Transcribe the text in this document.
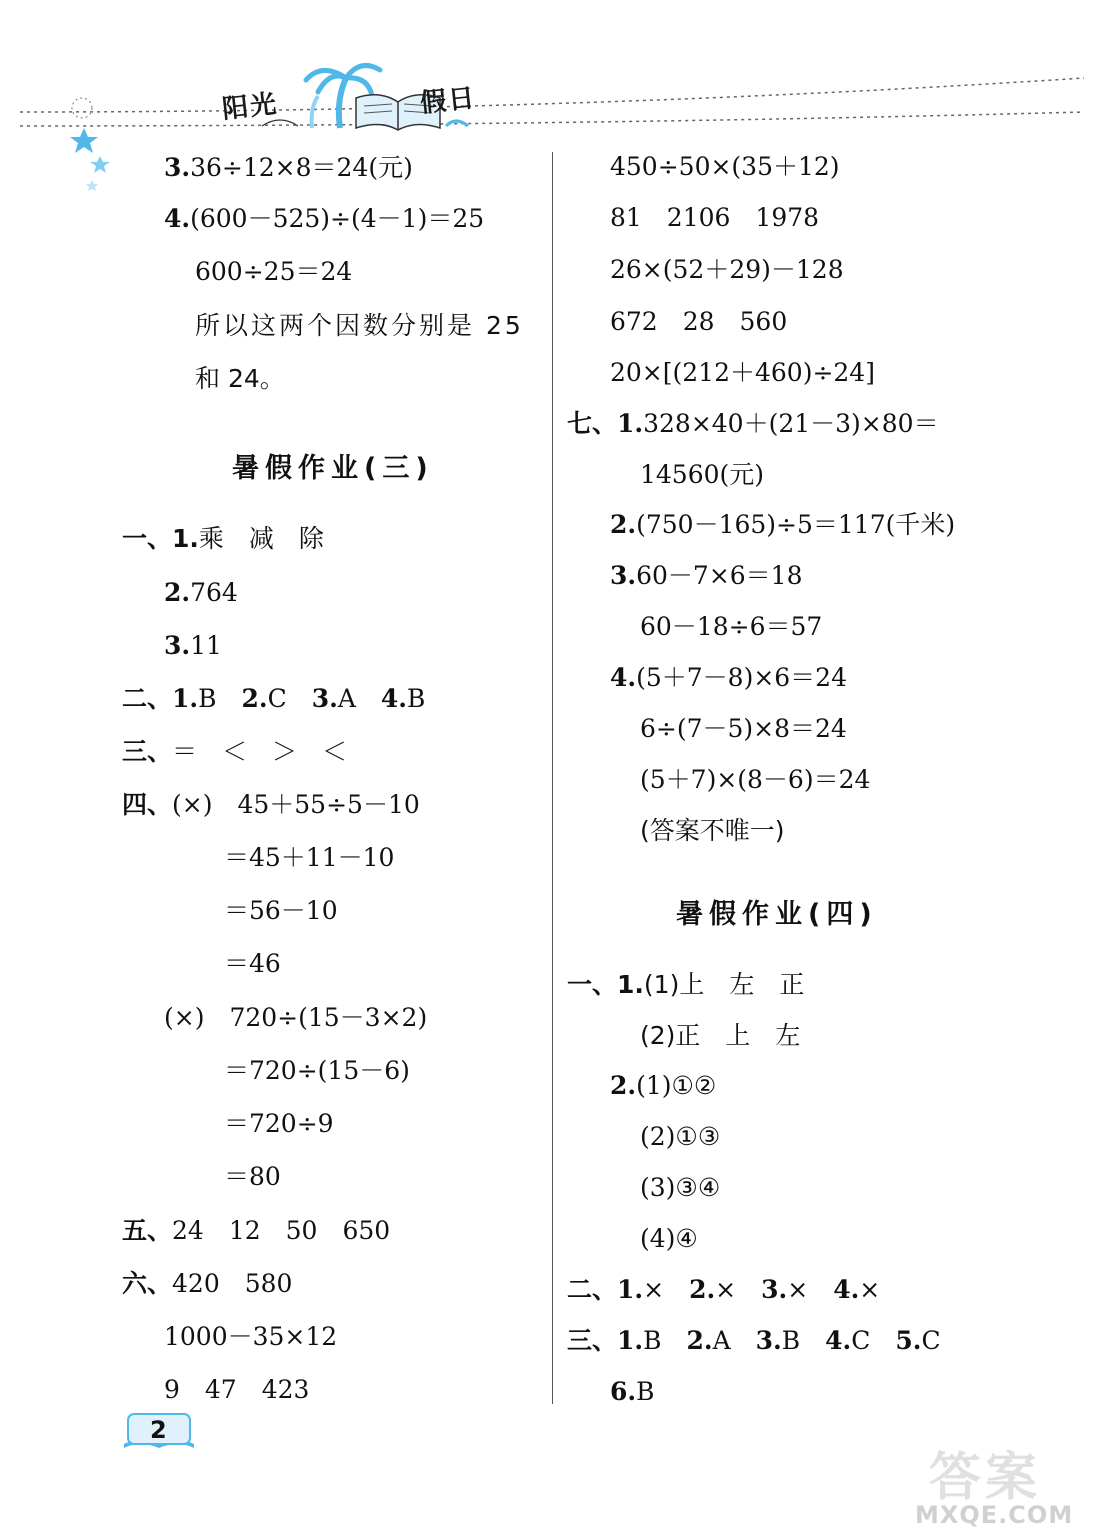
阳光	假日
3.36÷12×8＝24(元)
4.(600－525)÷(4－1)＝25
600÷25＝24
所以这两个因数分别是 25
和 24。
暑假作业(三)
一、1.乘　减　除
2.764
3.11
二、1.B　2.C　3.A　4.B
三、＝　＜　＞　＜
四、(×)　45＋55÷5－10
＝45＋11－10
＝56－10
＝46
(×)　720÷(15－3×2)
＝720÷(15－6)
＝720÷9
＝80
五、24　12　50　650
六、420　580
1000－35×12
9　47　423
450÷50×(35＋12)
81　2106　1978
26×(52＋29)－128
672　28　560
20×[(212＋460)÷24]
七、1.328×40＋(21－3)×80＝
14560(元)
2.(750－165)÷5＝117(千米)
3.60－7×6＝18
60－18÷6＝57
4.(5＋7－8)×6＝24
6÷(7－5)×8＝24
(5＋7)×(8－6)＝24
(答案不唯一)
暑假作业(四)
一、1.(1)上　左　正
(2)正　上　左
2.(1)①②
(2)①③
(3)③④
(4)④
二、1.×　2.×　3.×　4.×
三、1.B　2.A　3.B　4.C　5.C
6.B
2
答案
MXQE.COM
